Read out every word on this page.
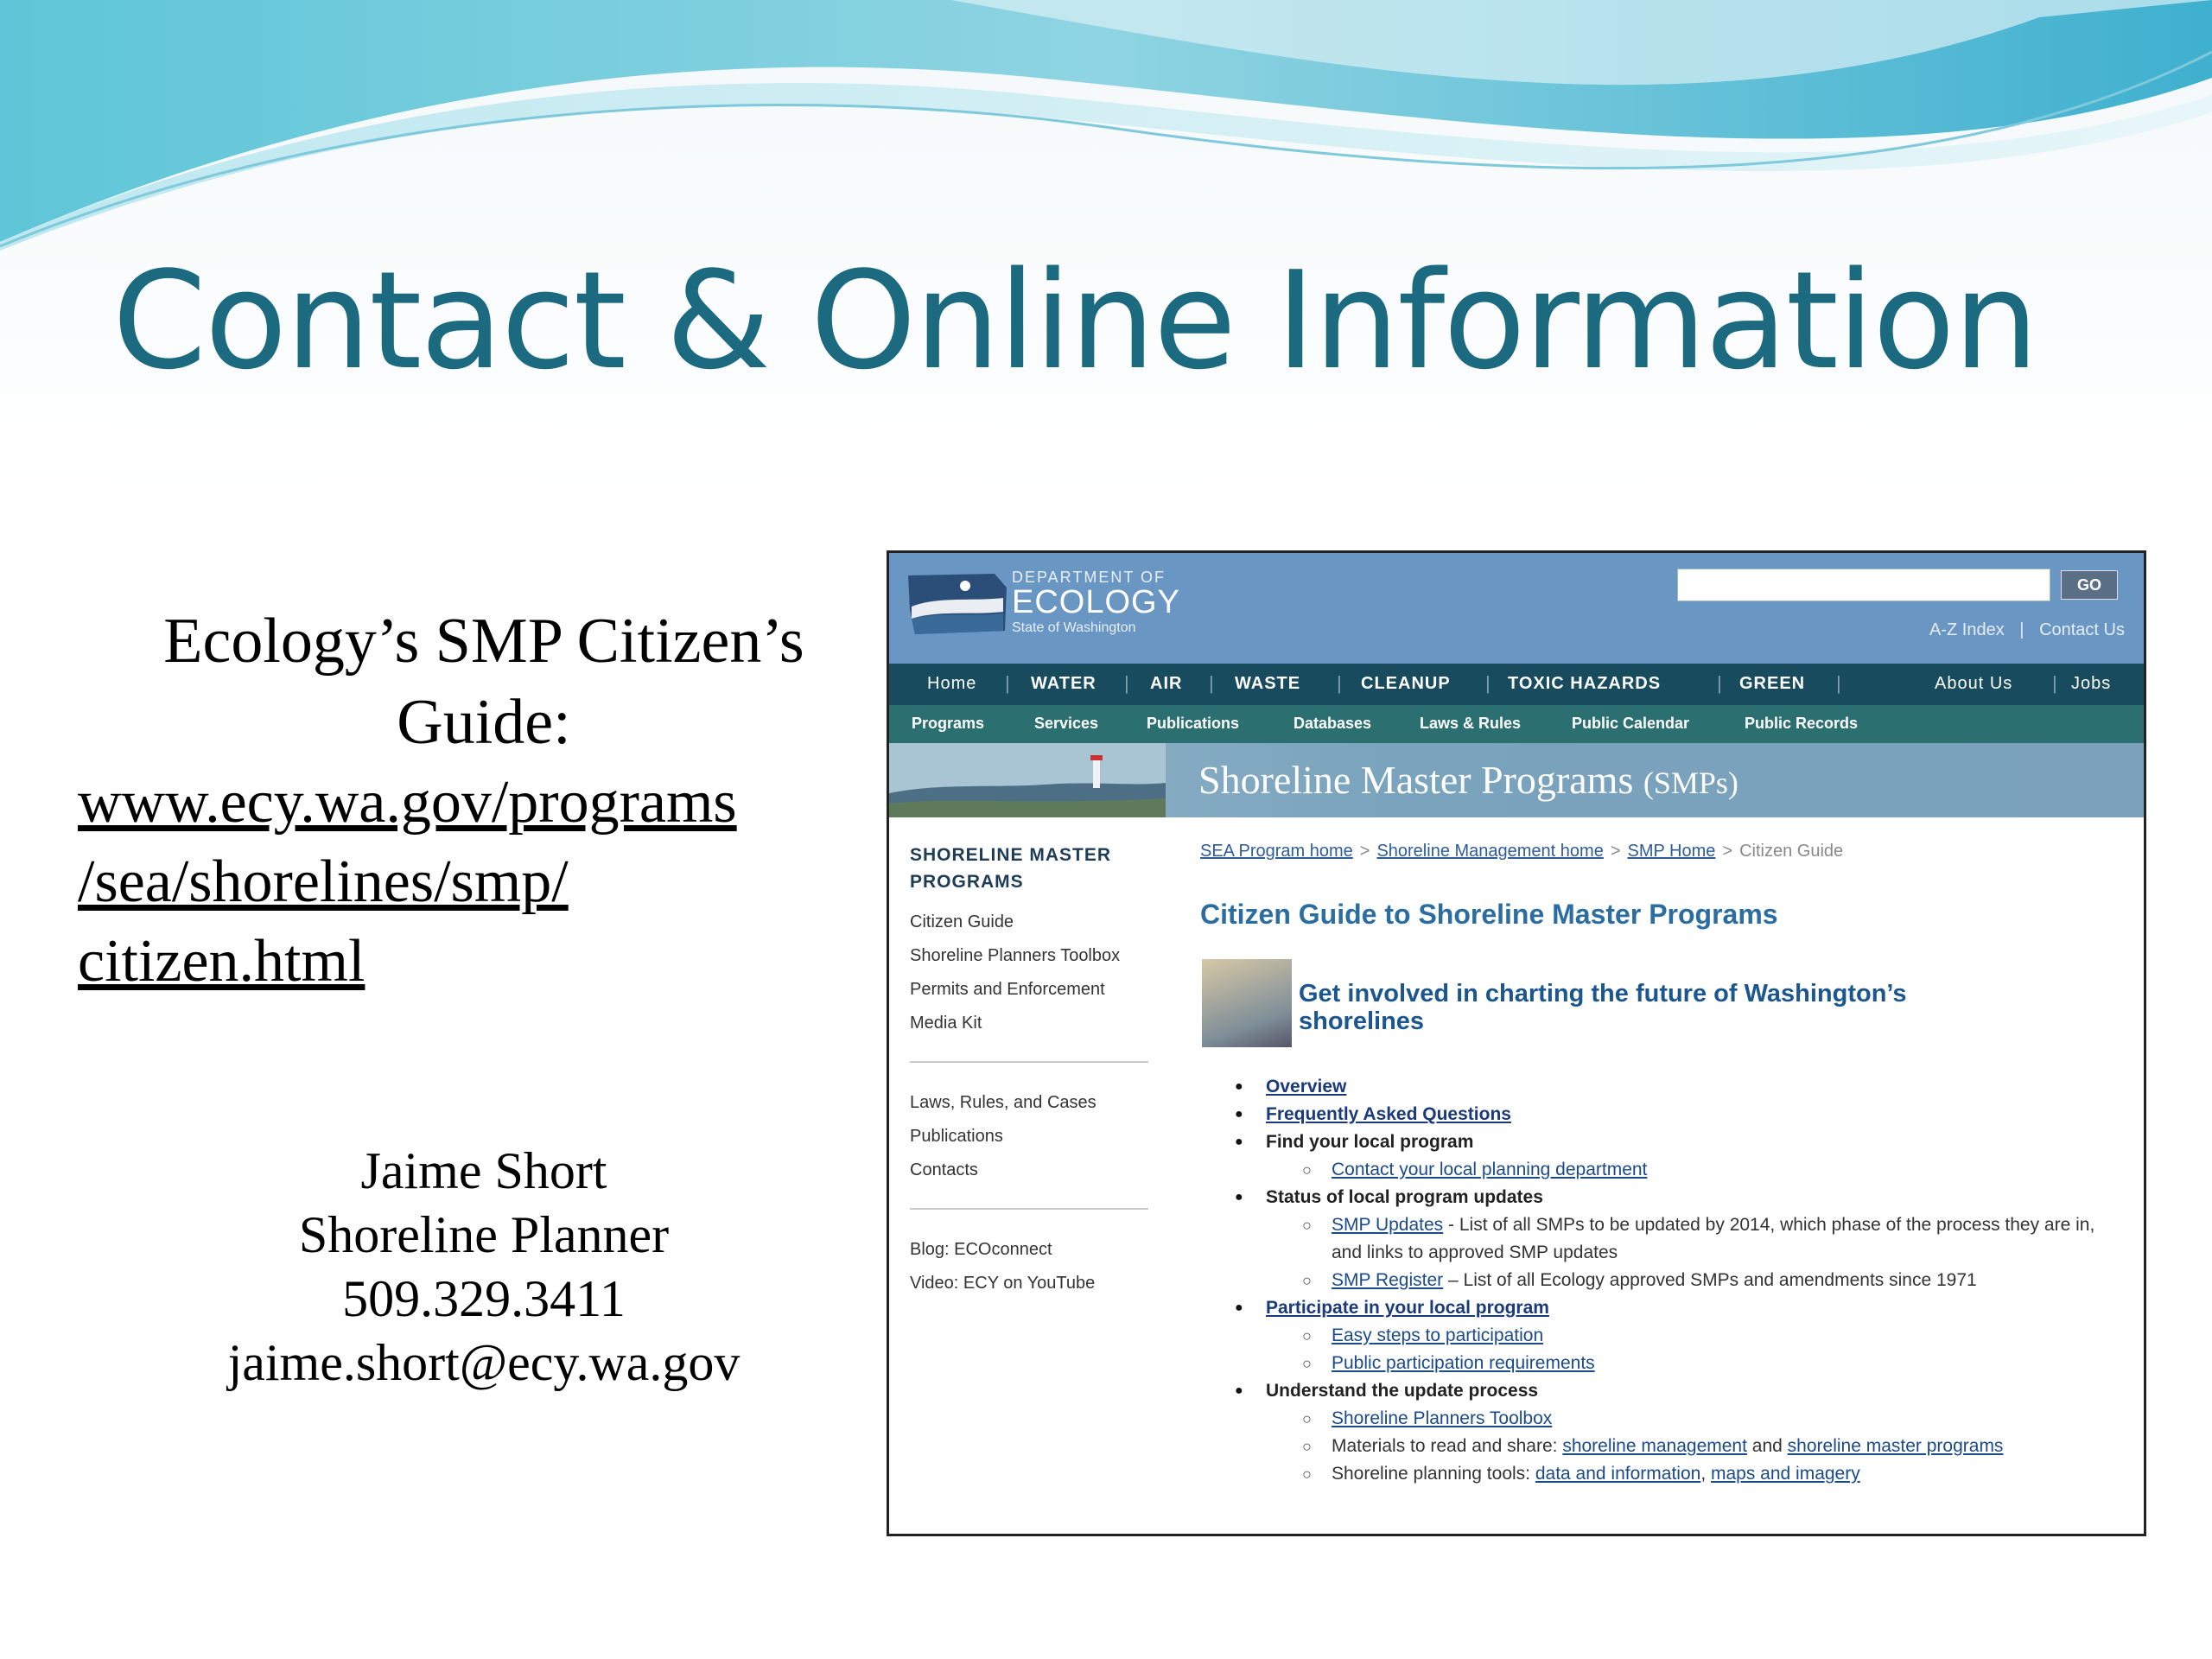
Contact & Online Information
Ecology’s SMP Citizen’s
Guide:
www.ecy.wa.gov/programs
/sea/shorelines/smp/
citizen.html
Jaime Short
Shoreline Planner
509.329.3411
jaime.short@ecy.wa.gov
DEPARTMENT OF
ECOLOGY
State of Washington
GO
A-Z Index | Contact Us
Home | WATER | AIR | WASTE | CLEANUP | TOXIC HAZARDS	| GREEN |	About Us | Jobs
Programs	Services	Publications	Databases	Laws & Rules	Public Calendar	Public Records
Shoreline Master Programs (SMPs)
SHORELINE MASTER
PROGRAMS
Citizen Guide
Shoreline Planners Toolbox
Permits and Enforcement
Media Kit
Laws, Rules, and Cases
Publications
Contacts
Blog: ECOconnect
Video: ECY on YouTube
SEA Program home > Shoreline Management home > SMP Home > Citizen Guide
Citizen Guide to Shoreline Master Programs
Get involved in charting the future of Washington’s shorelines
● Overview
● Frequently Asked Questions
● Find your local program
○ Contact your local planning department
● Status of local program updates
○ SMP Updates - List of all SMPs to be updated by 2014, which phase of the process they are in, and links to approved SMP updates
○ SMP Register – List of all Ecology approved SMPs and amendments since 1971
● Participate in your local program
○ Easy steps to participation
○ Public participation requirements
● Understand the update process
○ Shoreline Planners Toolbox
○ Materials to read and share: shoreline management and shoreline master programs
○ Shoreline planning tools: data and information, maps and imagery
